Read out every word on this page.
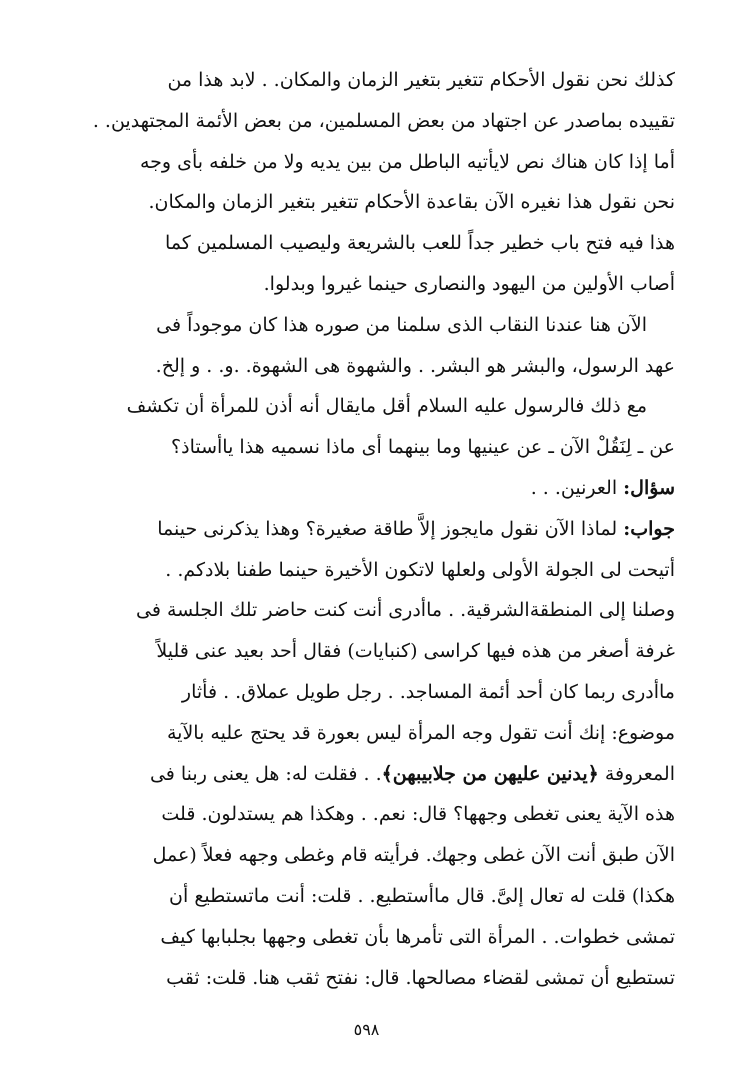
كذلك نحن نقول الأحكام تتغير بتغير الزمان والمكان. . لابد هذا من
تقييده بماصدر عن اجتهاد من بعض المسلمين، من بعض الأئمة المجتهدين. .
أما إذا كان هناك نص لايأتيه الباطل من بين يديه ولا من خلفه بأى وجه
نحن نقول هذا نغيره الآن بقاعدة الأحكام تتغير بتغير الزمان والمكان.
هذا فيه فتح باب خطير جداً للعب بالشريعة وليصيب المسلمين كما
أصاب الأولين من اليهود والنصارى حينما غيروا وبدلوا.
الآن هنا عندنا النقاب الذى سلمنا من صوره هذا كان موجوداً فى
عهد الرسول، والبشر هو البشر. . والشهوة هى الشهوة. .و. . و إلخ.
مع ذلك فالرسول عليه السلام أقل مايقال أنه أذن للمرأة أن تكشف
عن ـ لِنَقُلْ الآن ـ عن عينيها وما بينهما أى ماذا نسميه هذا ياأستاذ؟
سؤال: العرنين. . .
جواب: لماذا الآن نقول مايجوز إلاَّ طاقة صغيرة؟ وهذا يذكرنى حينما
أتيحت لى الجولة الأولى ولعلها لاتكون الأخيرة حينما طفنا بلادكم. .
وصلنا إلى المنطقةالشرقية. . ماأدرى أنت كنت حاضر تلك الجلسة فى
غرفة أصغر من هذه فيها كراسى (كنبايات) فقال أحد بعيد عنى قليلاً
ماأدرى ربما كان أحد أئمة المساجد. . رجل طويل عملاق. . فأثار
موضوع: إنك أنت تقول وجه المرأة ليس بعورة قد يحتج عليه بالآية
المعروفة ﴿يدنين عليهن من جلابيبهن﴾. . فقلت له: هل يعنى ربنا فى
هذه الآية يعنى تغطى وجهها؟ قال: نعم. . وهكذا هم يستدلون. قلت
الآن طبق أنت الآن غطى وجهك. فرأيته قام وغطى وجهه فعلاً (عمل
هكذا) قلت له تعال إلىَّ. قال ماأستطيع. . قلت: أنت ماتستطيع أن
تمشى خطوات. . المرأة التى تأمرها بأن تغطى وجهها بجلبابها كيف
تستطيع أن تمشى لقضاء مصالحها. قال: نفتح ثقب هنا. قلت: ثقب
٥٩٨
